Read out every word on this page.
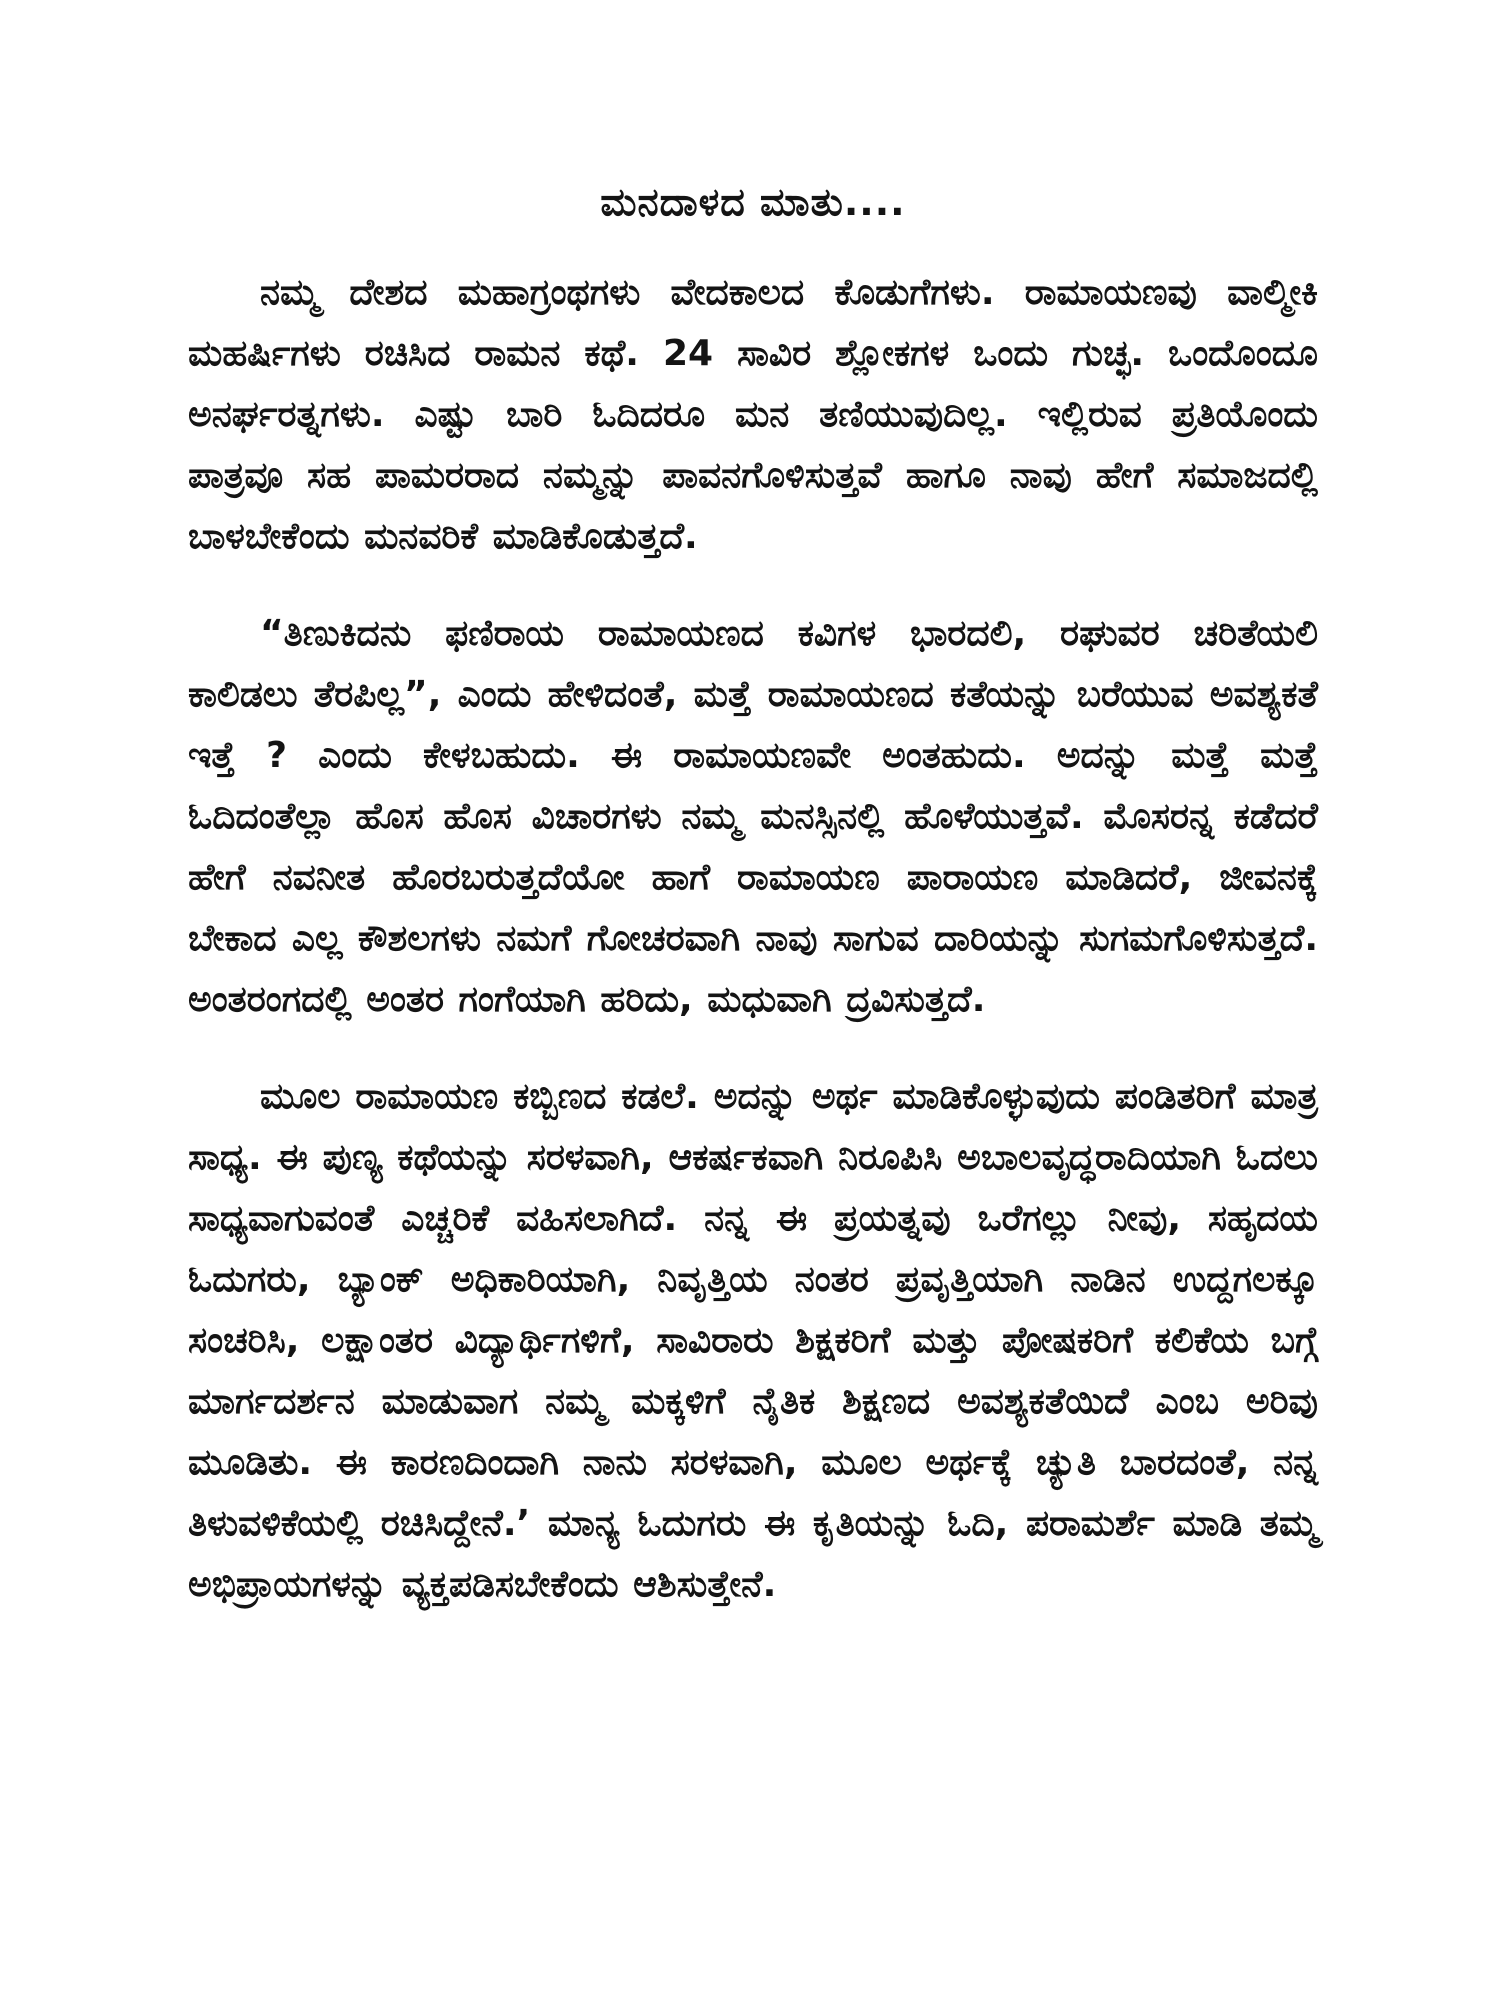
ಮನದಾಳದ ಮಾತು....

ನಮ್ಮ ದೇಶದ ಮಹಾಗ್ರಂಥಗಳು ವೇದಕಾಲದ ಕೊಡುಗೆಗಳು. ರಾಮಾಯಣವು ವಾಲ್ಮೀಕಿ ಮಹರ್ಷಿಗಳು ರಚಿಸಿದ ರಾಮನ ಕಥೆ. 24 ಸಾವಿರ ಶ್ಲೋಕಗಳ ಒಂದು ಗುಚ್ಛ. ಒಂದೊಂದೂ ಅನರ್ಘರತ್ನಗಳು. ಎಷ್ಟು ಬಾರಿ ಓದಿದರೂ ಮನ ತಣಿಯುವುದಿಲ್ಲ. ಇಲ್ಲಿರುವ ಪ್ರತಿಯೊಂದು ಪಾತ್ರವೂ ಸಹ ಪಾಮರರಾದ ನಮ್ಮನ್ನು ಪಾವನಗೊಳಿಸುತ್ತವೆ ಹಾಗೂ ನಾವು ಹೇಗೆ ಸಮಾಜದಲ್ಲಿ ಬಾಳಬೇಕೆಂದು ಮನವರಿಕೆ ಮಾಡಿಕೊಡುತ್ತದೆ.

“ತಿಣುಕಿದನು ಫಣಿರಾಯ ರಾಮಾಯಣದ ಕವಿಗಳ ಭಾರದಲಿ, ರಘುವರ ಚರಿತೆಯಲಿ ಕಾಲಿಡಲು ತೆರಪಿಲ್ಲ”, ಎಂದು ಹೇಳಿದಂತೆ, ಮತ್ತೆ ರಾಮಾಯಣದ ಕತೆಯನ್ನು ಬರೆಯುವ ಅವಶ್ಯಕತೆ ಇತ್ತೆ ? ಎಂದು ಕೇಳಬಹುದು. ಈ ರಾಮಾಯಣವೇ ಅಂತಹುದು. ಅದನ್ನು ಮತ್ತೆ ಮತ್ತೆ ಓದಿದಂತೆಲ್ಲಾ ಹೊಸ ಹೊಸ ವಿಚಾರಗಳು ನಮ್ಮ ಮನಸ್ಸಿನಲ್ಲಿ ಹೊಳೆಯುತ್ತವೆ. ಮೊಸರನ್ನ ಕಡೆದರೆ ಹೇಗೆ ನವನೀತ ಹೊರಬರುತ್ತದೆಯೋ ಹಾಗೆ ರಾಮಾಯಣ ಪಾರಾಯಣ ಮಾಡಿದರೆ, ಜೀವನಕ್ಕೆ ಬೇಕಾದ ಎಲ್ಲ ಕೌಶಲಗಳು ನಮಗೆ ಗೋಚರವಾಗಿ ನಾವು ಸಾಗುವ ದಾರಿಯನ್ನು ಸುಗಮಗೊಳಿಸುತ್ತದೆ. ಅಂತರಂಗದಲ್ಲಿ ಅಂತರ ಗಂಗೆಯಾಗಿ ಹರಿದು, ಮಧುವಾಗಿ ದ್ರವಿಸುತ್ತದೆ.

ಮೂಲ ರಾಮಾಯಣ ಕಬ್ಬಿಣದ ಕಡಲೆ. ಅದನ್ನು ಅರ್ಥ ಮಾಡಿಕೊಳ್ಳುವುದು ಪಂಡಿತರಿಗೆ ಮಾತ್ರ ಸಾಧ್ಯ. ಈ ಪುಣ್ಯ ಕಥೆಯನ್ನು ಸರಳವಾಗಿ, ಆಕರ್ಷಕವಾಗಿ ನಿರೂಪಿಸಿ ಅಬಾಲವೃದ್ಧರಾದಿಯಾಗಿ ಓದಲು ಸಾಧ್ಯವಾಗುವಂತೆ ಎಚ್ಚರಿಕೆ ವಹಿಸಲಾಗಿದೆ. ನನ್ನ ಈ ಪ್ರಯತ್ನವು ಒರೆಗಲ್ಲು ನೀವು, ಸಹೃದಯ ಓದುಗರು, ಬ್ಯಾಂಕ್ ಅಧಿಕಾರಿಯಾಗಿ, ನಿವೃತ್ತಿಯ ನಂತರ ಪ್ರವೃತ್ತಿಯಾಗಿ ನಾಡಿನ ಉದ್ದಗಲಕ್ಕೂ ಸಂಚರಿಸಿ, ಲಕ್ಷಾಂತರ ವಿದ್ಯಾರ್ಥಿಗಳಿಗೆ, ಸಾವಿರಾರು ಶಿಕ್ಷಕರಿಗೆ ಮತ್ತು ಪೋಷಕರಿಗೆ ಕಲಿಕೆಯ ಬಗ್ಗೆ ಮಾರ್ಗದರ್ಶನ ಮಾಡುವಾಗ ನಮ್ಮ ಮಕ್ಕಳಿಗೆ ನೈತಿಕ ಶಿಕ್ಷಣದ ಅವಶ್ಯಕತೆಯಿದೆ ಎಂಬ ಅರಿವು ಮೂಡಿತು. ಈ ಕಾರಣದಿಂದಾಗಿ ನಾನು ಸರಳವಾಗಿ, ಮೂಲ ಅರ್ಥಕ್ಕೆ ಚ್ಯುತಿ ಬಾರದಂತೆ, ನನ್ನ ತಿಳುವಳಿಕೆಯಲ್ಲಿ ರಚಿಸಿದ್ದೇನೆ.’ ಮಾನ್ಯ ಓದುಗರು ಈ ಕೃತಿಯನ್ನು ಓದಿ, ಪರಾಮರ್ಶೆ ಮಾಡಿ ತಮ್ಮ ಅಭಿಪ್ರಾಯಗಳನ್ನು ವ್ಯಕ್ತಪಡಿಸಬೇಕೆಂದು ಆಶಿಸುತ್ತೇನೆ.
